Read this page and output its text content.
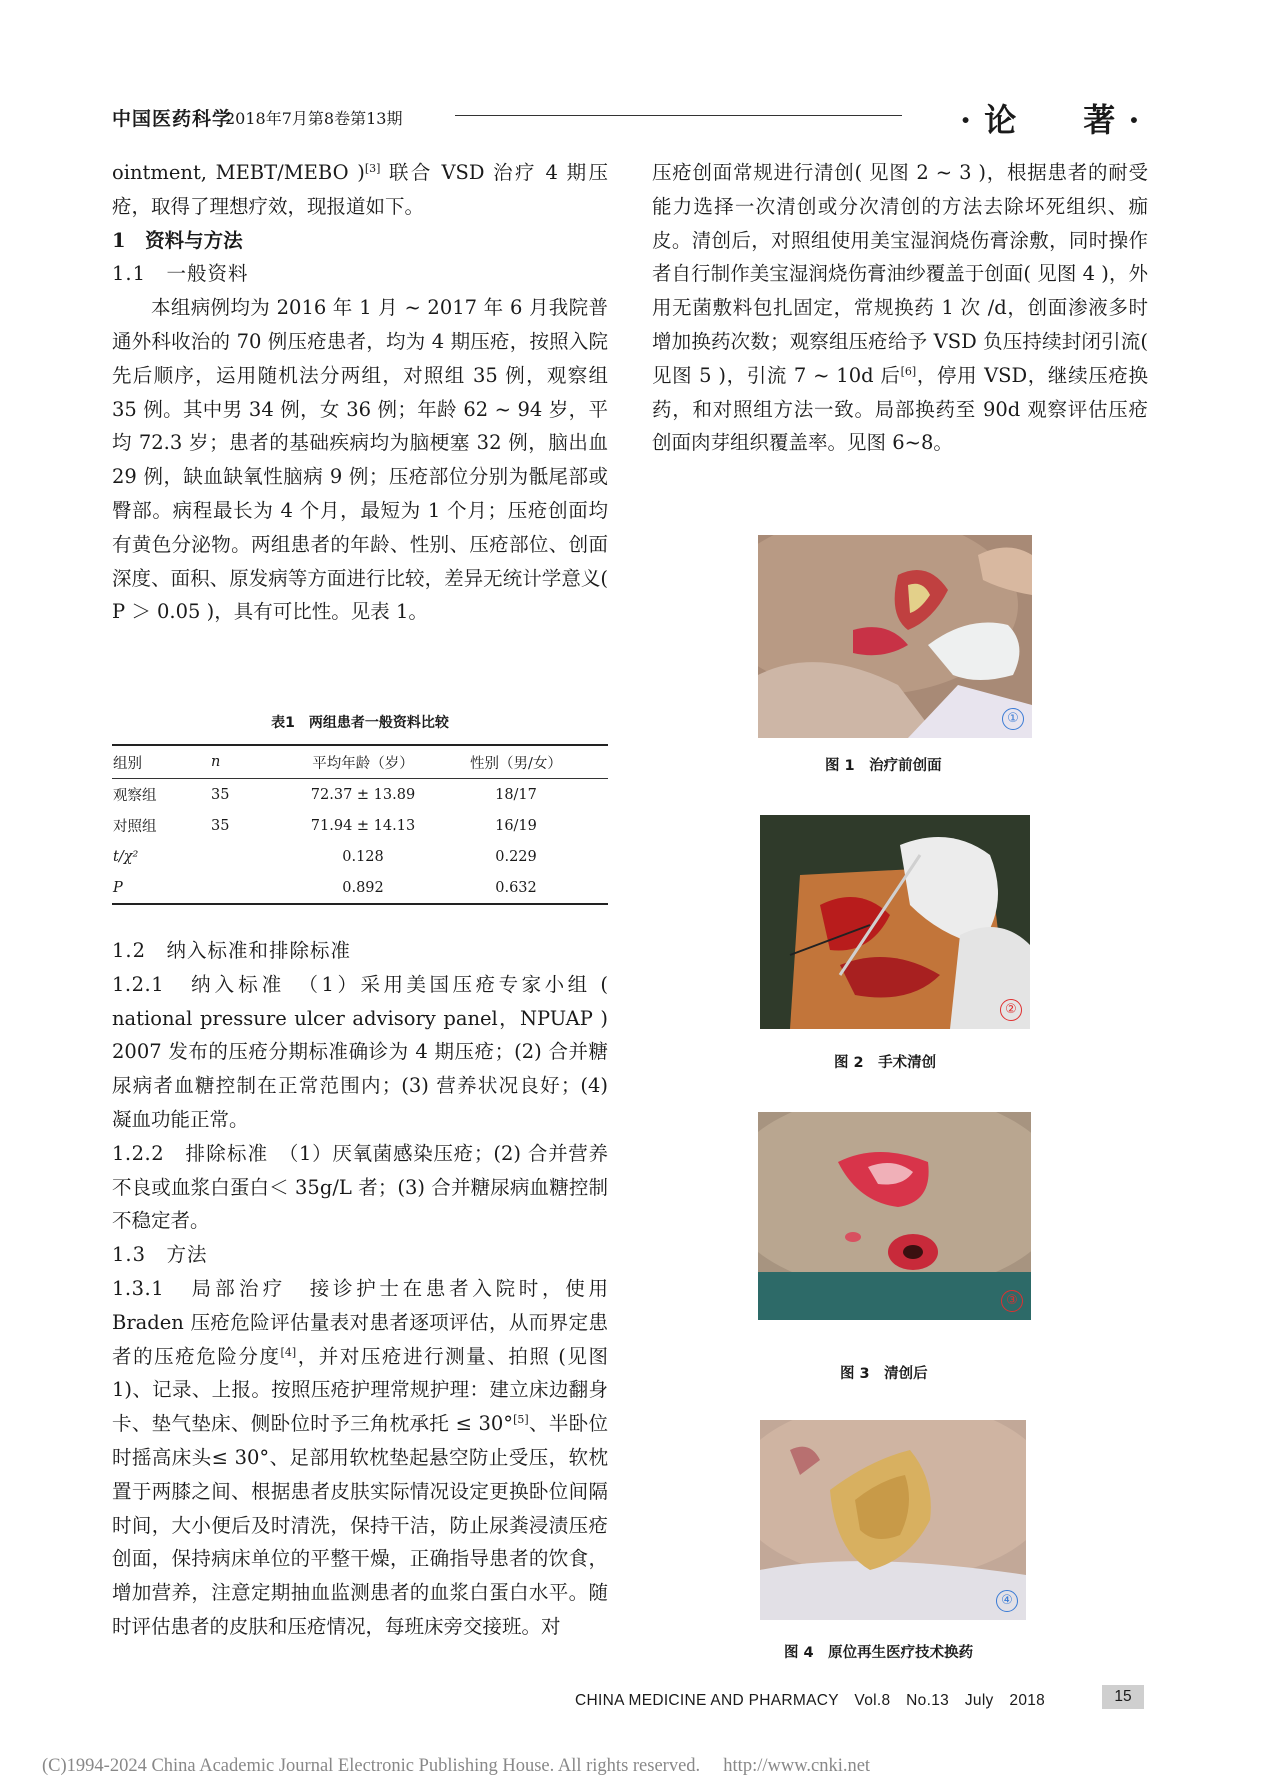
中国医药科学
2018年7月第8卷第13期	· 论　　著 ·

ointment, MEBT/MEBO )[3] 联合 VSD 治疗 4 期压疮，取得了理想疗效，现报道如下。

1　资料与方法

1.1　一般资料

本组病例均为 2016 年 1 月 ~ 2017 年 6 月我院普通外科收治的 70 例压疮患者，均为 4 期压疮，按照入院先后顺序，运用随机法分两组，对照组 35 例，观察组 35 例。其中男 34 例，女 36 例；年龄 62 ~ 94 岁，平均 72.3 岁；患者的基础疾病均为脑梗塞 32 例，脑出血 29 例，缺血缺氧性脑病 9 例；压疮部位分别为骶尾部或臀部。病程最长为 4 个月，最短为 1 个月；压疮创面均有黄色分泌物。两组患者的年龄、性别、压疮部位、创面深度、面积、原发病等方面进行比较，差异无统计学意义( P ＞ 0.05 )，具有可比性。见表 1。

表1　两组患者一般资料比较
组别	n	平均年龄（岁）	性别（男/女）
观察组	35	72.37 ± 13.89	18/17
对照组	35	71.94 ± 14.13	16/19
t/χ²		0.128	0.229
P		0.892	0.632

1.2　纳入标准和排除标准

1.2.1　纳入标准　 （1）采用美国压疮专家小组 ( national pressure ulcer advisory panel，NPUAP ) 2007 发布的压疮分期标准确诊为 4 期压疮；(2) 合并糖尿病者血糖控制在正常范围内；(3) 营养状况良好；(4) 凝血功能正常。

1.2.2　排除标准　 （1）厌氧菌感染压疮；(2) 合并营养不良或血浆白蛋白＜ 35g/L 者；(3) 合并糖尿病血糖控制不稳定者。

1.3　方法

1.3.1　局部治疗　 接诊护士在患者入院时，使用 Braden 压疮危险评估量表对患者逐项评估，从而界定患者的压疮危险分度[4]，并对压疮进行测量、拍照 (见图 1)、记录、上报。按照压疮护理常规护理：建立床边翻身卡、垫气垫床、侧卧位时予三角枕承托 ≤ 30°[5]、半卧位时摇高床头≤ 30°、足部用软枕垫起悬空防止受压，软枕置于两膝之间、根据患者皮肤实际情况设定更换卧位间隔时间，大小便后及时清洗，保持干洁，防止尿粪浸渍压疮创面，保持病床单位的平整干燥，正确指导患者的饮食，增加营养，注意定期抽血监测患者的血浆白蛋白水平。随时评估患者的皮肤和压疮情况，每班床旁交接班。对

压疮创面常规进行清创( 见图 2 ~ 3 )，根据患者的耐受能力选择一次清创或分次清创的方法去除坏死组织、痂皮。清创后，对照组使用美宝湿润烧伤膏涂敷，同时操作者自行制作美宝湿润烧伤膏油纱覆盖于创面( 见图 4 )，外用无菌敷料包扎固定，常规换药 1 次 /d，创面渗液多时增加换药次数；观察组压疮给予 VSD 负压持续封闭引流( 见图 5 )，引流 7 ~ 10d 后[6]，停用 VSD，继续压疮换药，和对照组方法一致。局部换药至 90d 观察评估压疮创面肉芽组织覆盖率。见图 6~8。

①
图 1　治疗前创面
②
图 2　手术清创
③
图 3　清创后
④
图 4　原位再生医疗技术换药
CHINA MEDICINE AND PHARMACY　Vol.8　No.13　July　2018	15
(C)1994-2024 China Academic Journal Electronic Publishing House. All rights reserved.　 http://www.cnki.net
